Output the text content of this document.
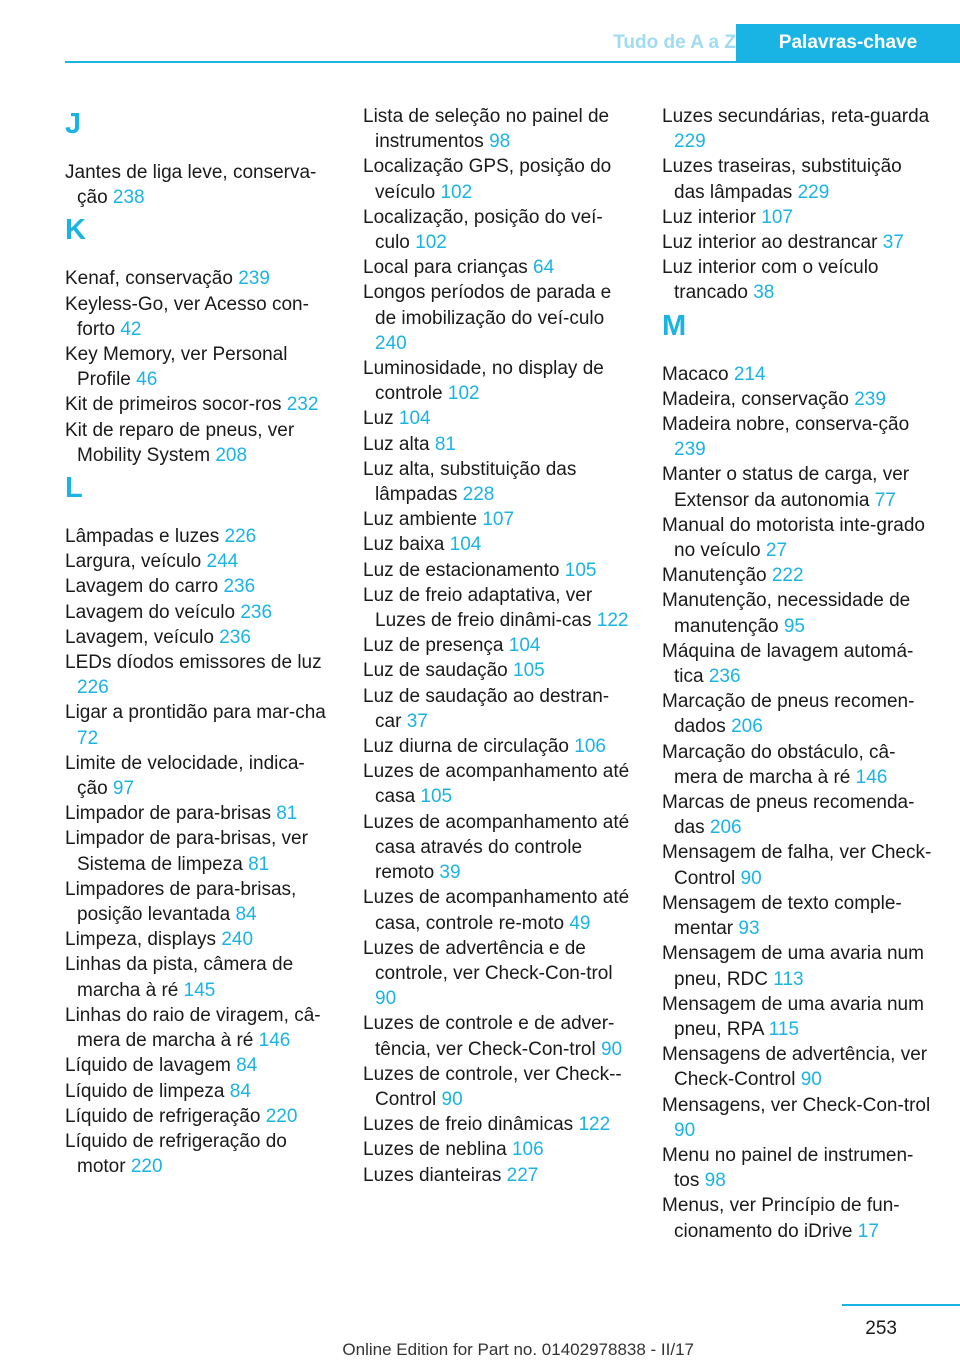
Tudo de A a Z	Palavras-chave
J
Jantes de liga leve, conserva‐ção 238
K
Kenaf, conservação 239
Keyless-Go, ver Acesso con‐forto 42
Key Memory, ver Personal Profile 46
Kit de primeiros socor‐ros 232
Kit de reparo de pneus, ver Mobility System 208
L
Lâmpadas e luzes 226
Largura, veículo 244
Lavagem do carro 236
Lavagem do veículo 236
Lavagem, veículo 236
LEDs díodos emissores de luz 226
Ligar a prontidão para mar‐cha 72
Limite de velocidade, indica‐ção 97
Limpador de para-brisas 81
Limpador de para-brisas, ver Sistema de limpeza 81
Limpadores de para-brisas, posição levantada 84
Limpeza, displays 240
Linhas da pista, câmera de marcha à ré 145
Linhas do raio de viragem, câ‐mera de marcha à ré 146
Líquido de lavagem 84
Líquido de limpeza 84
Líquido de refrigeração 220
Líquido de refrigeração do motor 220
Lista de seleção no painel de instrumentos 98
Localização GPS, posição do veículo 102
Localização, posição do veí‐culo 102
Local para crianças 64
Longos períodos de parada e de imobilização do veí‐culo 240
Luminosidade, no display de controle 102
Luz 104
Luz alta 81
Luz alta, substituição das lâmpadas 228
Luz ambiente 107
Luz baixa 104
Luz de estacionamento 105
Luz de freio adaptativa, ver Luzes de freio dinâmi‐cas 122
Luz de presença 104
Luz de saudação 105
Luz de saudação ao destran‐car 37
Luz diurna de circulação 106
Luzes de acompanhamento até casa 105
Luzes de acompanhamento até casa através do controle remoto 39
Luzes de acompanhamento até casa, controle re‐moto 49
Luzes de advertência e de controle, ver Check-Con‐trol 90
Luzes de controle e de adver‐tência, ver Check-Con‐trol 90
Luzes de controle, ver Check--Control 90
Luzes de freio dinâmicas 122
Luzes de neblina 106
Luzes dianteiras 227
Luzes secundárias, reta‐guarda 229
Luzes traseiras, substituição das lâmpadas 229
Luz interior 107
Luz interior ao destrancar 37
Luz interior com o veículo trancado 38
M
Macaco 214
Madeira, conservação 239
Madeira nobre, conserva‐ção 239
Manter o status de carga, ver Extensor da autonomia 77
Manual do motorista inte‐grado no veículo 27
Manutenção 222
Manutenção, necessidade de manutenção 95
Máquina de lavagem automá‐tica 236
Marcação de pneus recomen‐dados 206
Marcação do obstáculo, câ‐mera de marcha à ré 146
Marcas de pneus recomenda‐das 206
Mensagem de falha, ver Check-Control 90
Mensagem de texto comple‐mentar 93
Mensagem de uma avaria num pneu, RDC 113
Mensagem de uma avaria num pneu, RPA 115
Mensagens de advertência, ver Check-Control 90
Mensagens, ver Check-Con‐trol 90
Menu no painel de instrumen‐tos 98
Menus, ver Princípio de fun‐cionamento do iDrive 17
253
Online Edition for Part no. 01402978838 - II/17
